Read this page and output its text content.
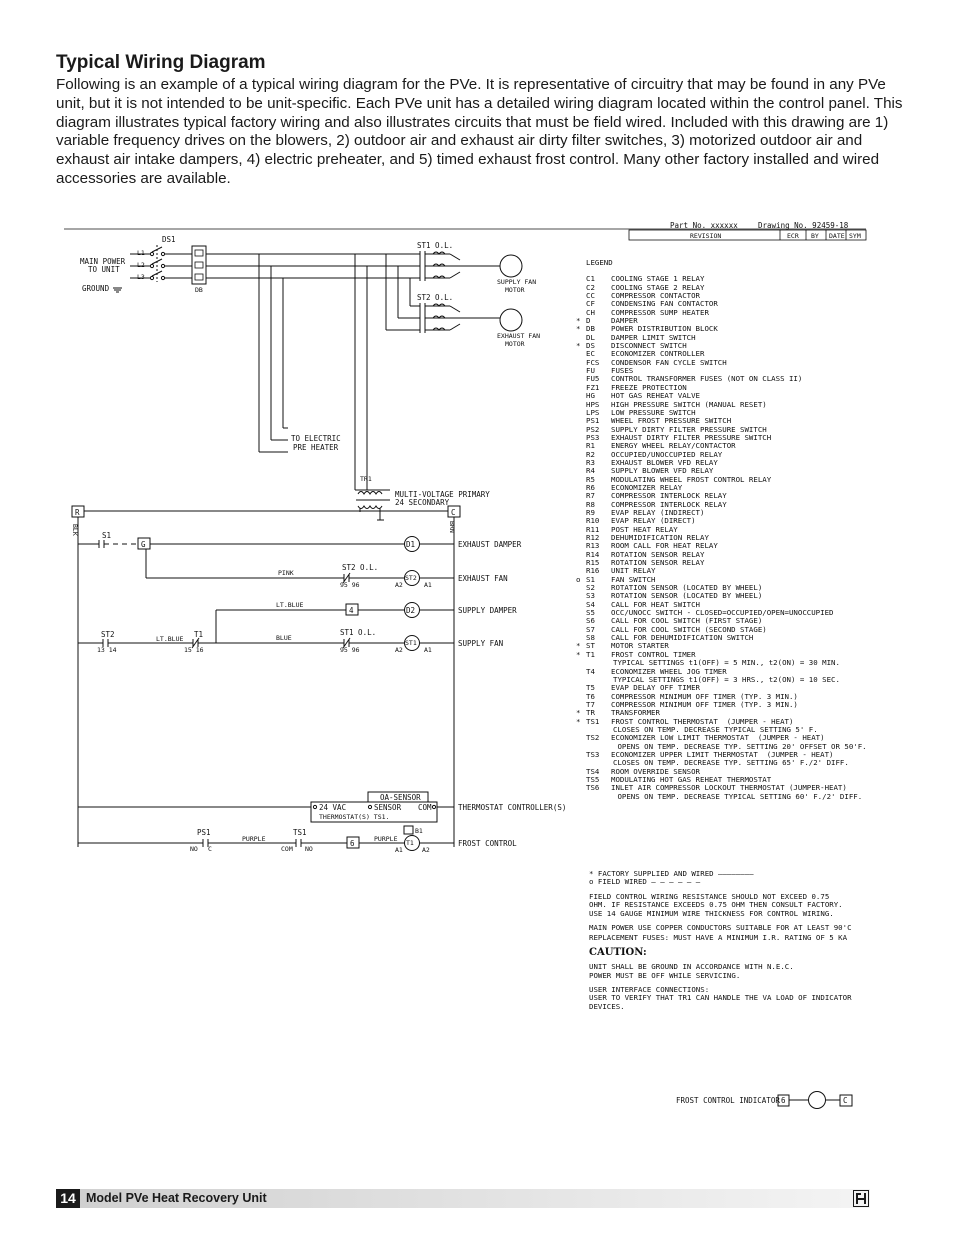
Typical Wiring Diagram

Following is an example of a typical wiring diagram for the PVe. It is representative of circuitry that may be found in any PVe unit, but it is not intended to be unit-specific. Each PVe unit has a detailed wiring diagram located within the control panel. This diagram illustrates typical factory wiring and also illustrates circuits that must be field wired. Included with this drawing are 1) variable frequency drives on the blowers, 2) outdoor air and exhaust air dirty filter switches, 3) motorized outdoor air and exhaust air intake dampers, 4) electric preheater, and 5) timed exhaust frost control. Many other factory installed and wired accessories are available.

Part No. xxxxxx	Drawing No. 92459-18
REVISION	ECR BY DATE SYM
DS1
MAIN POWER
TO UNIT
GROUND
L1
L2
L3
DB
TO ELECTRIC
PRE HEATER
ST1 O.L.
SUPPLY FAN
MOTOR
ST2 O.L.
EXHAUST FAN
MOTOR
TR1
MULTI-VOLTAGE PRIMARY
24 SECONDARY
R	C
BLK	BRN
S1
G	D1	EXHAUST DAMPER
PINK
ST2 O.L.
95 96
ST2
A2	A1
EXHAUST FAN
LT.BLUE
4	D2	SUPPLY DAMPER
ST2
13 14
LT.BLUE T1
15 16
BLUE
ST1 O.L.
95 96
ST1
A2	A1
SUPPLY FAN
OA-SENSOR
24 VAC	SENSOR COM
THERMOSTAT(S) TS1.
THERMOSTAT CONTROLLER(S)
PS1
NO C
PURPLE
TS1
COM NO
6	PURPLE
B1
T1
A1	A2
FROST CONTROL
FROST CONTROL INDICATOR 6	C
LEGEND
C1	COOLING STAGE 1 RELAY
C2	COOLING STAGE 2 RELAY
CC	COMPRESSOR CONTACTOR
CF	CONDENSING FAN CONTACTOR
CH	COMPRESSOR SUMP HEATER
* D	DAMPER
* DB	POWER DISTRIBUTION BLOCK
DL	DAMPER LIMIT SWITCH
* DS	DISCONNECT SWITCH
EC	ECONOMIZER CONTROLLER
FCS	CONDENSOR FAN CYCLE SWITCH
FU	FUSES
FU5	CONTROL TRANSFORMER FUSES (NOT ON CLASS II)
FZ1	FREEZE PROTECTION
HG	HOT GAS REHEAT VALVE
HPS	HIGH PRESSURE SWITCH (MANUAL RESET)
LPS	LOW PRESSURE SWITCH
PS1	WHEEL FROST PRESSURE SWITCH
PS2	SUPPLY DIRTY FILTER PRESSURE SWITCH
PS3	EXHAUST DIRTY FILTER PRESSURE SWITCH
R1	ENERGY WHEEL RELAY/CONTACTOR
R2	OCCUPIED/UNOCCUPIED RELAY
R3	EXHAUST BLOWER VFD RELAY
R4	SUPPLY BLOWER VFD RELAY
R5	MODULATING WHEEL FROST CONTROL RELAY
R6	ECONOMIZER RELAY
R7	COMPRESSOR INTERLOCK RELAY
R8	COMPRESSOR INTERLOCK RELAY
R9	EVAP RELAY (INDIRECT)
R10	EVAP RELAY (DIRECT)
R11	POST HEAT RELAY
R12	DEHUMIDIFICATION RELAY
R13	ROOM CALL FOR HEAT RELAY
R14	ROTATION SENSOR RELAY
R15	ROTATION SENSOR RELAY
R16	UNIT RELAY
o S1	FAN SWITCH
S2	ROTATION SENSOR (LOCATED BY WHEEL)
S3	ROTATION SENSOR (LOCATED BY WHEEL)
S4	CALL FOR HEAT SWITCH
S5	OCC/UNOCC SWITCH - CLOSED=OCCUPIED/OPEN=UNOCCUPIED
S6	CALL FOR COOL SWITCH (FIRST STAGE)
S7	CALL FOR COOL SWITCH (SECOND STAGE)
S8	CALL FOR DEHUMIDIFICATION SWITCH
* ST	MOTOR STARTER
* T1	FROST CONTROL TIMER
TYPICAL SETTINGS t1(OFF) = 5 MIN., t2(ON) = 30 MIN.
T4	ECONOMIZER WHEEL JOG TIMER
TYPICAL SETTINGS t1(OFF) = 3 HRS., t2(ON) = 10 SEC.
T5	EVAP DELAY OFF TIMER
T6	COMPRESSOR MINIMUM OFF TIMER (TYP. 3 MIN.)
T7	COMPRESSOR MINIMUM OFF TIMER (TYP. 3 MIN.)
* TR	TRANSFORMER
* TS1	FROST CONTROL THERMOSTAT  (JUMPER - HEAT)
CLOSES ON TEMP. DECREASE TYPICAL SETTING 5' F.
TS2	ECONOMIZER LOW LIMIT THERMOSTAT  (JUMPER - HEAT)
OPENS ON TEMP. DECREASE TYP. SETTING 20' OFFSET OR 50'F.
TS3	ECONOMIZER UPPER LIMIT THERMOSTAT  (JUMPER - HEAT)
CLOSES ON TEMP. DECREASE TYP. SETTING 65' F./2' DIFF.
TS4	ROOM OVERRIDE SENSOR
TS5	MODULATING HOT GAS REHEAT THERMOSTAT
TS6	INLET AIR COMPRESSOR LOCKOUT THERMOSTAT (JUMPER-HEAT)
OPENS ON TEMP. DECREASE TYPICAL SETTING 60' F./2' DIFF.

* FACTORY SUPPLIED AND WIRED ————————

o FIELD WIRED — — — — — —

FIELD CONTROL WIRING RESISTANCE SHOULD NOT EXCEED 0.75
OHM. IF RESISTANCE EXCEEDS 0.75 OHM THEN CONSULT FACTORY.
USE 14 GAUGE MINIMUM WIRE THICKNESS FOR CONTROL WIRING.

MAIN POWER USE COPPER CONDUCTORS SUITABLE FOR AT LEAST 90'C

REPLACEMENT FUSES: MUST HAVE A MINIMUM I.R. RATING OF 5 KA

CAUTION:

UNIT SHALL BE GROUND IN ACCORDANCE WITH N.E.C.
POWER MUST BE OFF WHILE SERVICING.

USER INTERFACE CONNECTIONS:
USER TO VERIFY THAT TR1 CAN HANDLE THE VA LOAD OF INDICATOR DEVICES.

14 Model PVe Heat Recovery Unit
